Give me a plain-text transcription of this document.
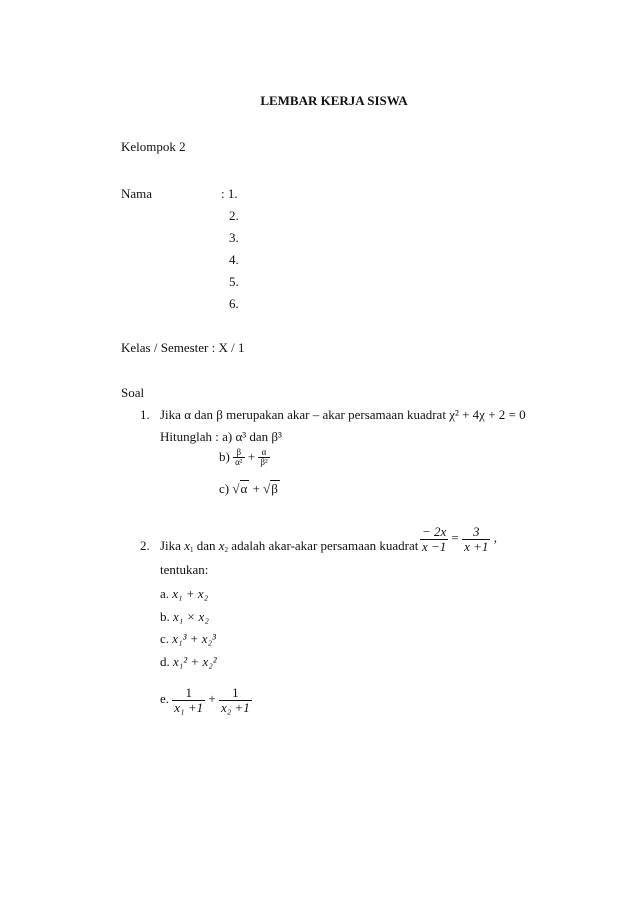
LEMBAR KERJA SISWA
Kelompok 2
Nama	: 1.
2.
3.
4.
5.
6.
Kelas / Semester : X / 1
Soal
1. Jika α dan β merupakan akar – akar persamaan kuadrat χ² + 4χ + 2 = 0
Hitunglah : a) α³ dan β³
$b) \frac{\beta}{\text{α²}} + \frac{\alpha}{\text{β²}}$
c) √α + √β
2. Jika $x_1$ dan $x_2$ adalah akar-akar persamaan kuadrat $\frac{- 2x}{x -1} = \frac{3}{x +1}$ ,
tentukan:
a. x₁ + x₂
b. x₁ × x₂
c. x₁³ + x₂³
d. x₁² + x₂²
e. $\frac{1}{\text{x₁ +1}} + \frac{1}{\text{x₂ +1}}$
